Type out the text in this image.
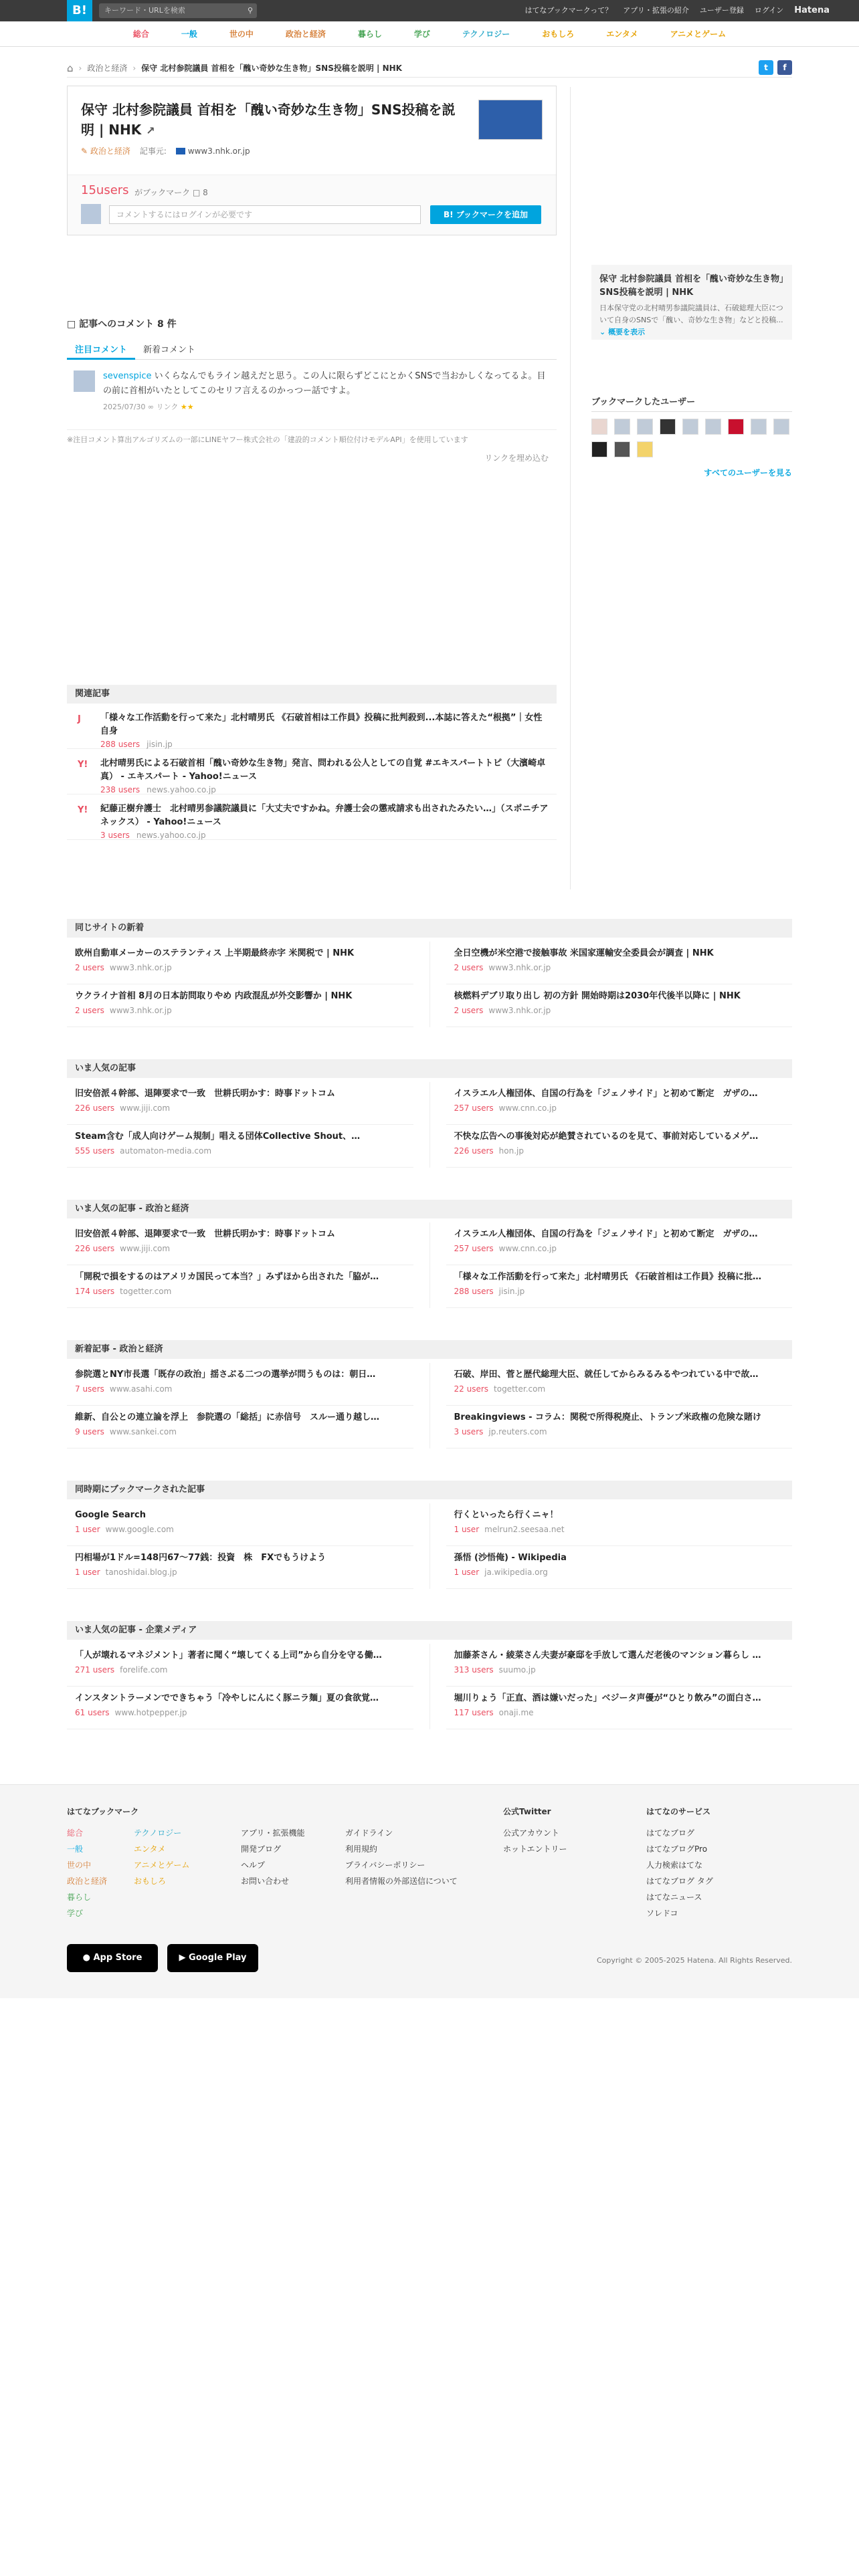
B!	キーワード・URLを検索	⚲	はてなブックマークって？ アプリ・拡張の紹介 ユーザー登録 ログイン Hatena
総合	一般	世の中	政治と経済	暮らし	学び	テクノロジー	おもしろ	エンタメ	アニメとゲーム
⌂ › 政治と経済 › 保守 北村参院議員 首相を「醜い奇妙な生き物」SNS投稿を説明 | NHK	t	f
保守 北村参院議員 首相を「醜い奇妙な生き物」SNS投稿を説明 | NHK ↗
✎ 政治と経済 記事元:	www3.nhk.or.jp
15users がブックマーク □ 8
コメントするにはログインが必要です	B! ブックマークを追加
保守 北村参院議員 首相を「醜い奇妙な生き物」SNS投稿を説明 | NHK
日本保守党の北村晴男参議院議員は、石破総理大臣について自身のSNSで「醜い、奇妙な生き物」などと投稿... ⌄ 概要を表示
ブックマークしたユーザー
すべてのユーザーを見る
□ 記事へのコメント 8 件
注目コメント	新着コメント
sevenspice いくらなんでもライン越えだと思う。この人に限らずどこにとかくSNSで当おかしくなってるよ。目の前に首相がいたとしてこのセリフ言えるのかっつー話ですよ。
2025/07/30 ∞ リンク ★★
※注目コメント算出アルゴリズムの一部にLINEヤフー株式会社の「建設的コメント順位付けモデルAPI」を使用しています
リンクを埋め込む
関連記事
J	「様々な工作活動を行って来た」北村晴男氏 《石破首相は工作員》投稿に批判殺到...本誌に答えた“根拠”｜女性自身
288 users jisin.jp
Y! 北村晴男氏による石破首相「醜い奇妙な生き物」発言、問われる公人としての自覚 #エキスパートトピ（大濱崎卓真） - エキスパート - Yahoo!ニュース
238 users news.yahoo.co.jp
Y! 紀藤正樹弁護士　北村晴男参議院議員に「大丈夫ですかね。弁護士会の懲戒請求も出されたみたい…」（スポニチアネックス） - Yahoo!ニュース
3 users news.yahoo.co.jp
同じサイトの新着
欧州自動車メーカーのステランティス 上半期最終赤字 米関税で | NHK
2 users www3.nhk.or.jp
ウクライナ首相 8月の日本訪問取りやめ 内政混乱が外交影響か | NHK
2 users www3.nhk.or.jp
全日空機が米空港で接触事故 米国家運輸安全委員会が調査 | NHK
2 users www3.nhk.or.jp
核燃料デブリ取り出し 初の方針 開始時期は2030年代後半以降に | NHK
2 users www3.nhk.or.jp
いま人気の記事
旧安倍派４幹部、退陣要求で一致　世耕氏明かす：時事ドットコム
226 users www.jiji.com
Steam含む「成人向けゲーム規制」唱える団体Collective Shout、…
555 users automaton-media.com
イスラエル人権団体、自国の行為を「ジェノサイド」と初めて断定　ガザの…
257 users www.cnn.co.jp
不快な広告への事後対応が絶賛されているのを見て、事前対応しているメゲ…
226 users hon.jp
いま人気の記事 - 政治と経済
旧安倍派４幹部、退陣要求で一致　世耕氏明かす：時事ドットコム
226 users www.jiji.com
「開税で損をするのはアメリカ国民って本当？」みずほから出された「脇が…
174 users togetter.com
イスラエル人権団体、自国の行為を「ジェノサイド」と初めて断定　ガザの…
257 users www.cnn.co.jp
「様々な工作活動を行って来た」北村晴男氏 《石破首相は工作員》投稿に批…
288 users jisin.jp
新着記事 - 政治と経済
参院選とNY市長選「既存の政治」揺さぶる二つの選挙が問うものは：朝日…
7 users www.asahi.com
維新、自公との連立論を浮上　参院選の「総括」に赤信号　スルー通り越し…
9 users www.sankei.com
石破、岸田、菅と歴代総理大臣、就任してからみるみるやつれている中で故…
22 users togetter.com
Breakingviews - コラム：関税で所得税廃止、トランプ米政権の危険な賭け
3 users jp.reuters.com
同時期にブックマークされた記事
Google Search
1 user www.google.com
円相場が1ドル=148円67〜77銭：投資　株　FXでもうけよう
1 user tanoshidai.blog.jp
行くといったら行くニャ！
1 user melrun2.seesaa.net
孫悟 (沙悟俺) - Wikipedia
1 user ja.wikipedia.org
いま人気の記事 - 企業メディア
「人が壊れるマネジメント」著者に聞く“壊してくる上司”から自分を守る働…
271 users forelife.com
インスタントラーメンでできちゃう「冷やしにんにく豚ニラ麺」夏の食欲覚…
61 users www.hotpepper.jp
加藤茶さん・綾菜さん夫妻が豪邸を手放して選んだ老後のマンション暮らし …
313 users suumo.jp
堀川りょう「正直、酒は嫌いだった」ベジータ声優が“ひとり飲み”の面白さ…
117 users onaji.me
はてなブックマーク
総合
一般
世の中
政治と経済
暮らし
学び
テクノロジー
エンタメ
アニメとゲーム
おもしろ
アプリ・拡張機能
開発ブログ
ヘルプ
お問い合わせ
ガイドライン
利用規約
プライバシーポリシー
利用者情報の外部送信について
公式Twitter
公式アカウント
ホットエントリー
はてなのサービス
はてなブログ
はてなブログPro
人力検索はてな
はてなブログ タグ
はてなニュース
ソレドコ
● App Store	▶ Google Play	Copyright © 2005-2025 Hatena. All Rights Reserved.
